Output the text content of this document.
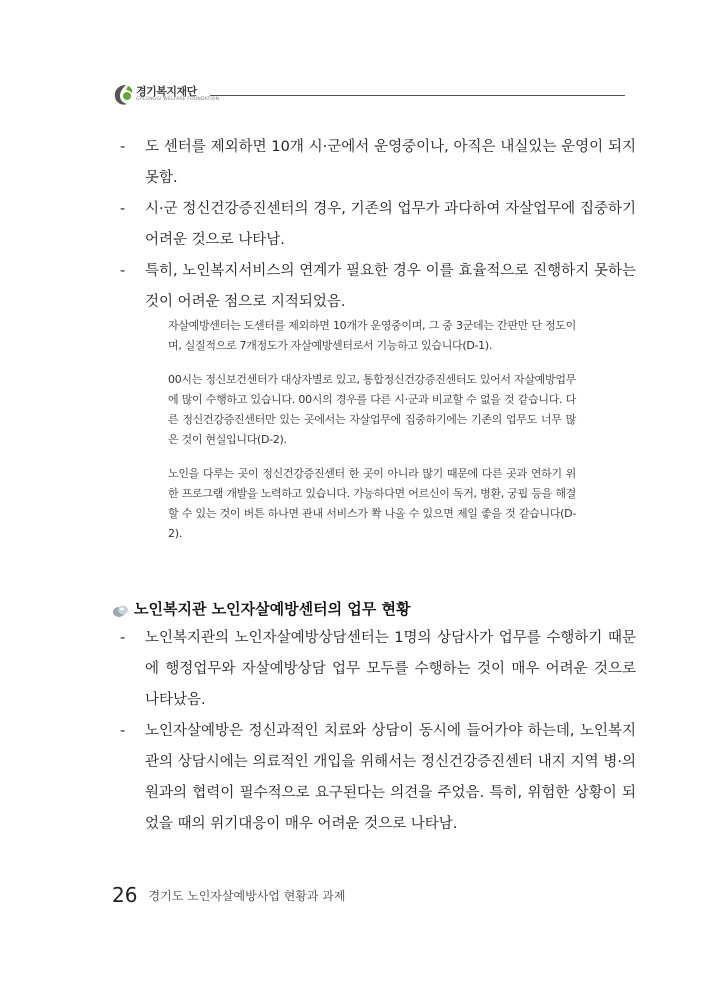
경기복지재단
GYEONGGI WELFARE FOUNDATION
- 도 센터를 제외하면 10개 시·군에서 운영중이나, 아직은 내실있는 운영이 되지 못함.
- 시·군 정신건강증진센터의 경우, 기존의 업무가 과다하여 자살업무에 집중하기 어려운 것으로 나타남.
- 특히, 노인복지서비스의 연계가 필요한 경우 이를 효율적으로 진행하지 못하는 것이 어려운 점으로 지적되었음.

자살예방센터는 도센터를 제외하면 10개가 운영중이며, 그 중 3군데는 간판만 단 정도이며, 실질적으로 7개정도가 자살예방센터로서 기능하고 있습니다(D-1).

00시는 정신보건센터가 대상자별로 있고, 통합정신건강증진센터도 있어서 자살예방업무에 많이 수행하고 있습니다. 00시의 경우를 다른 시·군과 비교할 수 없을 것 같습니다. 다른 정신건강증진센터만 있는 곳에서는 자살업무에 집중하기에는 기존의 업무도 너무 많은 것이 현실입니다(D-2).

노인을 다루는 곳이 정신건강증진센터 한 곳이 아니라 많기 때문에 다른 곳과 연하기 위한 프로그램 개발을 노력하고 있습니다. 가능하다면 어르신이 독거, 병환, 궁핍 등을 해결할 수 있는 것이 버튼 하나면 관내 서비스가 쫙 나올 수 있으면 제일 좋을 것 같습니다(D-2).

노인복지관 노인자살예방센터의 업무 현황
- 노인복지관의 노인자살예방상담센터는 1명의 상담사가 업무를 수행하기 때문에 행정업무와 자살예방상담 업무 모두를 수행하는 것이 매우 어려운 것으로 나타났음.
- 노인자살예방은 정신과적인 치료와 상담이 동시에 들어가야 하는데, 노인복지관의 상담시에는 의료적인 개입을 위해서는 정신건강증진센터 내지 지역 병·의원과의 협력이 필수적으로 요구된다는 의견을 주었음. 특히, 위험한 상황이 되었을 때의 위기대응이 매우 어려운 것으로 나타남.
26 경기도 노인자살예방사업 현황과 과제
